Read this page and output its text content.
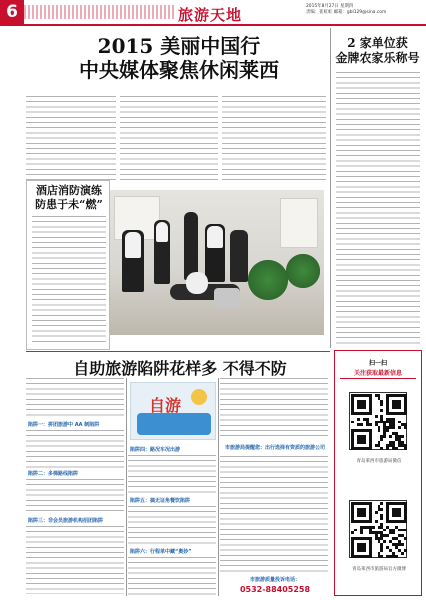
6	旅游天地	2015年8月27日 星期四
责编：崔虹虹 邮箱：gbl129@sina.com
2015 美丽中国行
中央媒体聚焦休闲莱西
2 家单位获
金牌农家乐称号
酒店消防演练
防患于未“燃”
自助旅游陷阱花样多 不得不防
陷阱一：拼团旅游中 AA 制陷阱
陷阱二：多梯路线陷阱
陷阱三：非会员旅游机构招团陷阱
自游
陷阱四：路况车况出游
陷阱五：搞无证角餐饮陷阱
陷阱六：行程单中藏“奥妙”
市旅游局提醒您：出行选择有资质的旅游公司
市旅游质量投诉电话：
0532-88405258
扫一扫
关注获取最新信息
青岛莱西市旅游局微信
青岛莱西市旅游局官方微博
